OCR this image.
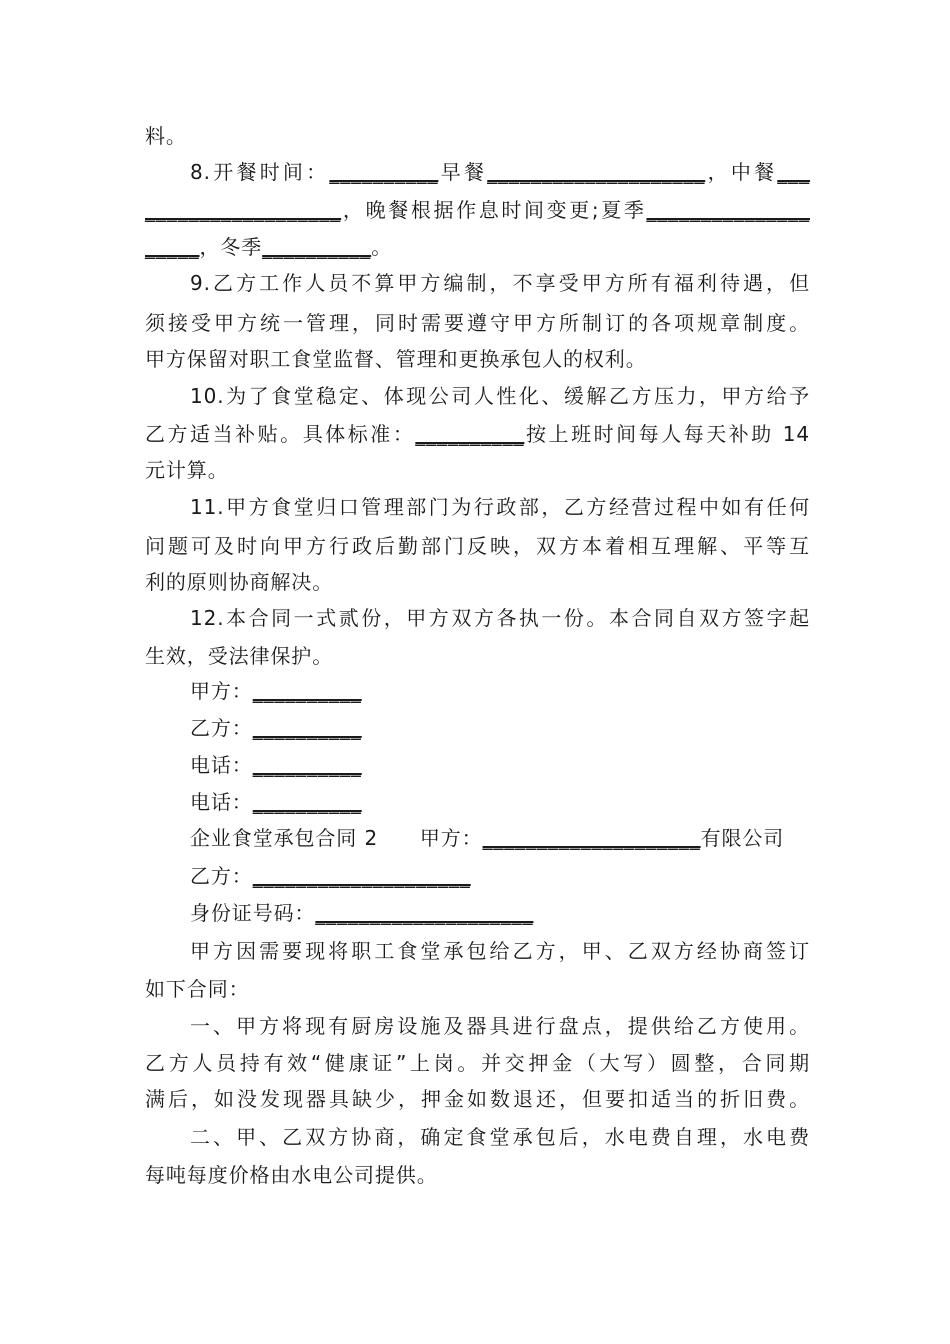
料。
8.开餐时间：__________早餐____________________，中餐___
__________________，晚餐根据作息时间变更;夏季_______________
_____，冬季__________。
9.乙方工作人员不算甲方编制，不享受甲方所有福利待遇，但
须接受甲方统一管理，同时需要遵守甲方所制订的各项规章制度。
甲方保留对职工食堂监督、管理和更换承包人的权利。
10.为了食堂稳定、体现公司人性化、缓解乙方压力，甲方给予
乙方适当补贴。具体标准：__________按上班时间每人每天补助 14
元计算。
11.甲方食堂归口管理部门为行政部，乙方经营过程中如有任何
问题可及时向甲方行政后勤部门反映，双方本着相互理解、平等互
利的原则协商解决。
12.本合同一式贰份，甲方双方各执一份。本合同自双方签字起
生效，受法律保护。
甲方：__________
乙方：__________
电话：__________
电话：__________
企业食堂承包合同 2　　甲方：____________________有限公司
乙方：____________________
身份证号码：____________________
甲方因需要现将职工食堂承包给乙方，甲、乙双方经协商签订
如下合同：
一、甲方将现有厨房设施及器具进行盘点，提供给乙方使用。
乙方人员持有效“健康证”上岗。并交押金（大写）圆整，合同期
满后，如没发现器具缺少，押金如数退还，但要扣适当的折旧费。
二、甲、乙双方协商，确定食堂承包后，水电费自理，水电费
每吨每度价格由水电公司提供。
